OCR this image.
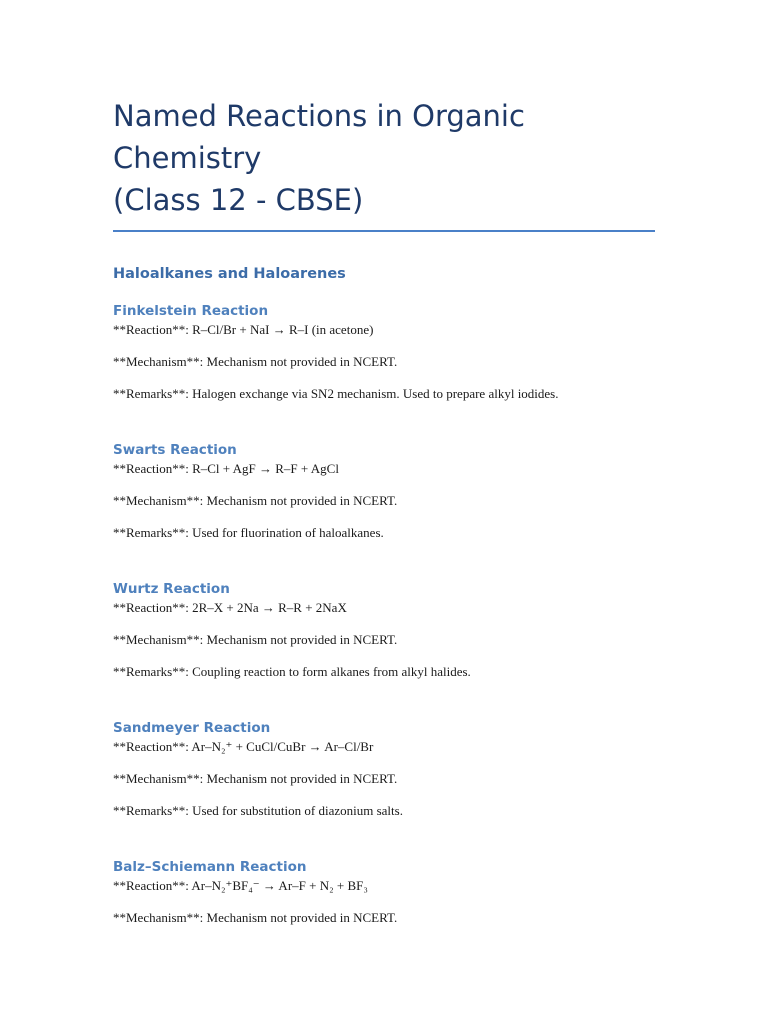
Named Reactions in Organic Chemistry
(Class 12 - CBSE)
Haloalkanes and Haloarenes
Finkelstein Reaction

**Reaction**: R–Cl/Br + NaI → R–I (in acetone)

**Mechanism**: Mechanism not provided in NCERT.

**Remarks**: Halogen exchange via SN2 mechanism. Used to prepare alkyl iodides.

Swarts Reaction

**Reaction**: R–Cl + AgF → R–F + AgCl

**Mechanism**: Mechanism not provided in NCERT.

**Remarks**: Used for fluorination of haloalkanes.

Wurtz Reaction

**Reaction**: 2R–X + 2Na → R–R + 2NaX

**Mechanism**: Mechanism not provided in NCERT.

**Remarks**: Coupling reaction to form alkanes from alkyl halides.

Sandmeyer Reaction

**Reaction**: Ar–N₂⁺ + CuCl/CuBr → Ar–Cl/Br

**Mechanism**: Mechanism not provided in NCERT.

**Remarks**: Used for substitution of diazonium salts.

Balz–Schiemann Reaction

**Reaction**: Ar–N₂⁺BF₄⁻ → Ar–F + N₂ + BF₃

**Mechanism**: Mechanism not provided in NCERT.
